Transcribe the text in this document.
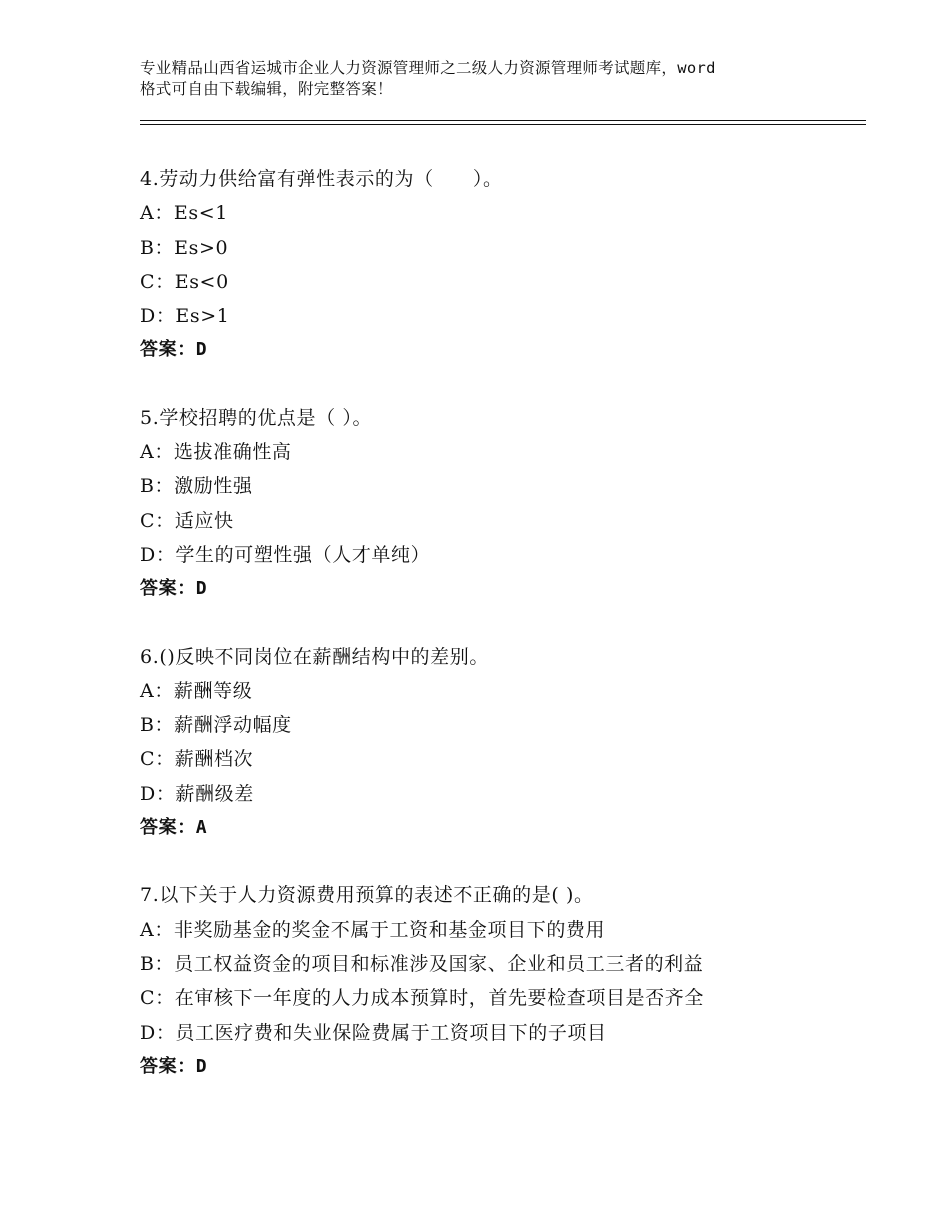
专业精品山西省运城市企业人力资源管理师之二级人力资源管理师考试题库，word
格式可自由下载编辑，附完整答案！
4.劳动力供给富有弹性表示的为（　　）。
A：Es<1
B：Es>0
C：Es<0
D：Es>1
答案：D
5.学校招聘的优点是（ ）。
A：选拔准确性高
B：激励性强
C：适应快
D：学生的可塑性强（人才单纯）
答案：D
6.()反映不同岗位在薪酬结构中的差别。
A：薪酬等级
B：薪酬浮动幅度
C：薪酬档次
D：薪酬级差
答案：A
7.以下关于人力资源费用预算的表述不正确的是( )。
A：非奖励基金的奖金不属于工资和基金项目下的费用
B：员工权益资金的项目和标准涉及国家、企业和员工三者的利益
C：在审核下一年度的人力成本预算时，首先要检查项目是否齐全
D：员工医疗费和失业保险费属于工资项目下的子项目
答案：D
